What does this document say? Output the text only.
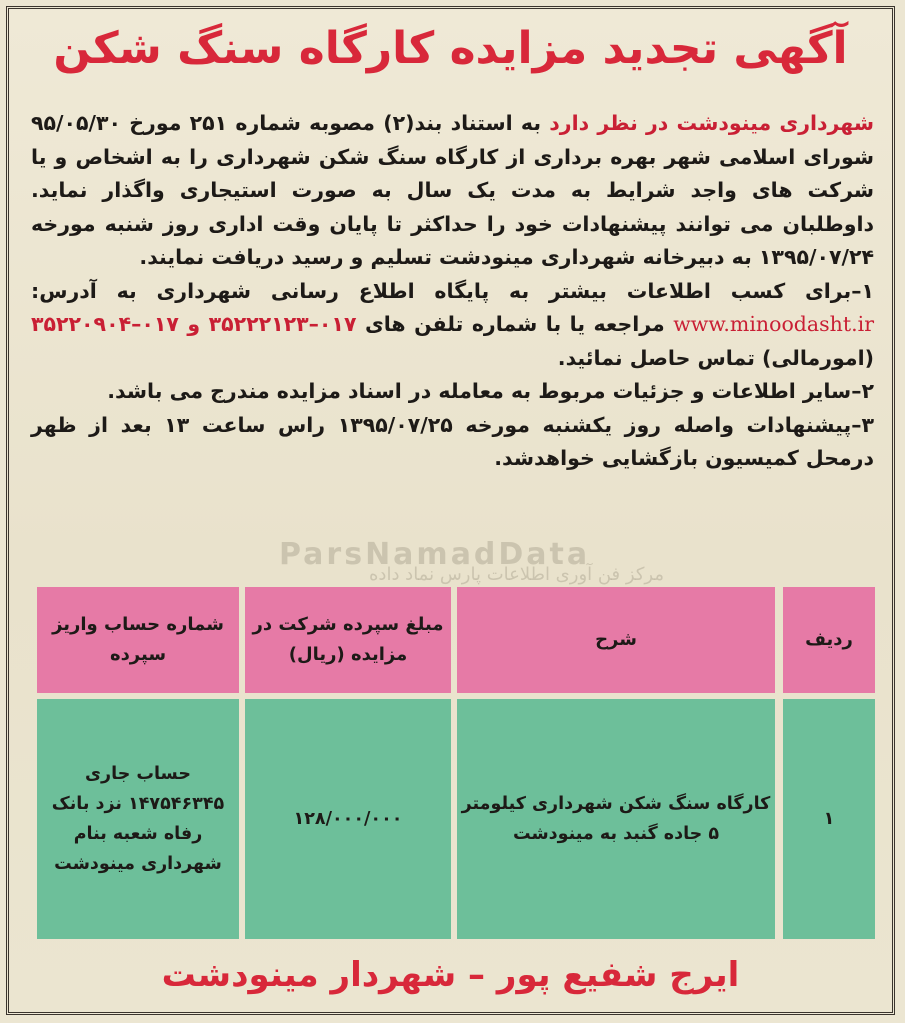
آگهی تجدید مزایده کارگاه سنگ شکن

شهرداری مینودشت در نظر دارد به استناد بند(۲) مصوبه شماره ۲۵۱ مورخ ۹۵/۰۵/۳۰ شورای اسلامی شهر بهره برداری از کارگاه سنگ شکن شهرداری را به اشخاص و یا شرکت های واجد شرایط به مدت یک سال به صورت استیجاری واگذار نماید. داوطلبان می توانند پیشنهادات خود را حداکثر تا پایان وقت اداری روز شنبه مورخه ۱۳۹۵/۰۷/۲۴ به دبیرخانه شهرداری مینودشت تسلیم و رسید دریافت نمایند.

۱–برای کسب اطلاعات بیشتر به پایگاه اطلاع رسانی شهرداری به آدرس: www.minoodasht.ir مراجعه یا با شماره تلفن های ۰۱۷–۳۵۲۲۲۱۲۳ و ۰۱۷–۳۵۲۲۰۹۰۴ (امورمالی) تماس حاصل نمائید.

۲–سایر اطلاعات و جزئیات مربوط به معامله در اسناد مزایده مندرج می باشد.

۳–پیشنهادات واصله روز یکشنبه مورخه ۱۳۹۵/۰۷/۲۵ راس ساعت ۱۳ بعد از ظهر درمحل کمیسیون بازگشایی خواهدشد.

ParsNamadData
مرکز فن آوری اطلاعات پارس نماد داده
ردیف
شرح
مبلغ سپرده شرکت در مزایده (ریال)
شماره حساب واریز سپرده
۱
کارگاه سنگ شکن شهرداری کیلومتر ۵ جاده گنبد به مینودشت
۱۲۸/۰۰۰/۰۰۰
حساب جاری ۱۴۷۵۴۶۳۴۵ نزد بانک رفاه شعبه بنام شهرداری مینودشت
ایرج شفیع پور – شهردار مینودشت
